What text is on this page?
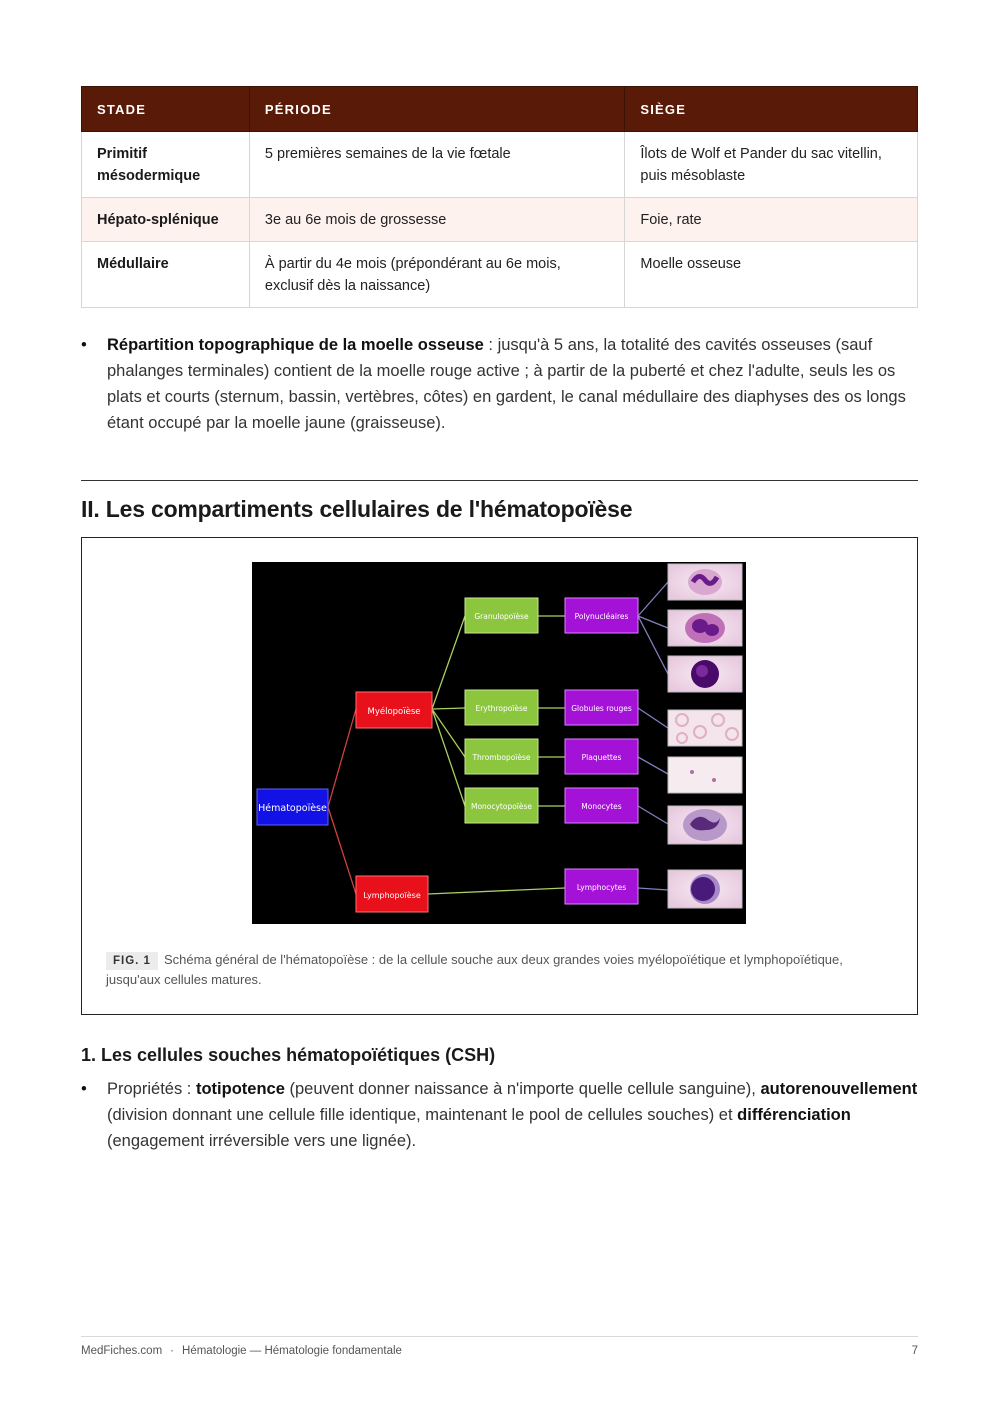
STADE	PÉRIODE	SIÈGE
Primitif mésodermique	5 premières semaines de la vie fœtale	Îlots de Wolf et Pander du sac vitellin, puis mésoblaste
Hépato-splénique	3e au 6e mois de grossesse	Foie, rate
Médullaire	À partir du 4e mois (prépondérant au 6e mois, exclusif dès la naissance)	Moelle osseuse
• Répartition topographique de la moelle osseuse : jusqu'à 5 ans, la totalité des cavités osseuses (sauf phalanges terminales) contient de la moelle rouge active ; à partir de la puberté et chez l'adulte, seuls les os plats et courts (sternum, bassin, vertèbres, côtes) en gardent, le canal médullaire des diaphyses des os longs étant occupé par la moelle jaune (graisseuse).
II. Les compartiments cellulaires de l'hématopoïèse
Hématopoïèse
Myélopoïèse
Lymphopoïèse
Granulopoïèse
Erythropoïèse
Thrombopoïèse
Monocytopoïèse
Polynucléaires
Globules rouges
Plaquettes
Monocytes
Lymphocytes
FIG. 1 Schéma général de l'hématopoïèse : de la cellule souche aux deux grandes voies myélopoïétique et lymphopoïétique, jusqu'aux cellules matures.
1. Les cellules souches hématopoïétiques (CSH)
• Propriétés : totipotence (peuvent donner naissance à n'importe quelle cellule sanguine), autorenouvellement (division donnant une cellule fille identique, maintenant le pool de cellules souches) et différenciation (engagement irréversible vers une lignée).
MedFiches.com · Hématologie — Hématologie fondamentale	7
